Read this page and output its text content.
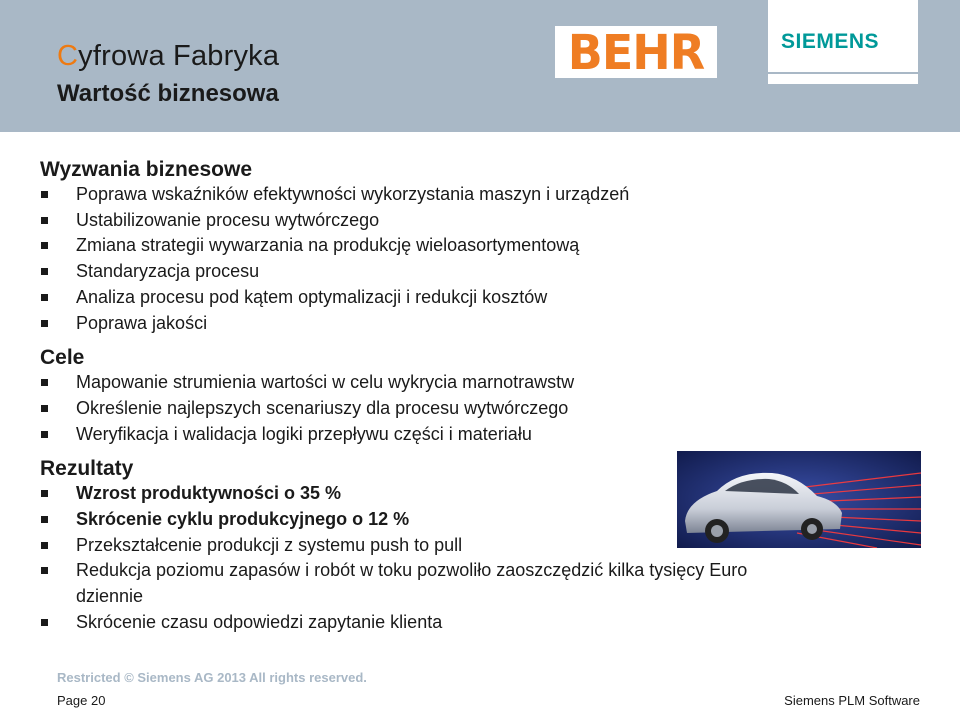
Cyfrowa Fabryka
Wartość biznesowa
BEHR	SIEMENS
Wyzwania biznesowe
Poprawa wskaźników efektywności wykorzystania maszyn i urządzeń
Ustabilizowanie procesu wytwórczego
Zmiana strategii wywarzania na produkcję wieloasortymentową
Standaryzacja procesu
Analiza procesu pod kątem optymalizacji i redukcji kosztów
Poprawa jakości
Cele
Mapowanie strumienia wartości w celu wykrycia marnotrawstw
Określenie najlepszych scenariuszy dla procesu wytwórczego
Weryfikacja i walidacja logiki przepływu części i materiału
Rezultaty
Wzrost produktywności o 35 %
Skrócenie cyklu produkcyjnego o 12 %
Przekształcenie produkcji z systemu push to pull
Redukcja poziomu zapasów i robót w toku pozwoliło zaoszczędzić kilka tysięcy Euro dziennie
Skrócenie czasu odpowiedzi zapytanie klienta
Restricted © Siemens AG 2013 All rights reserved.
Page 20	Siemens PLM Software
